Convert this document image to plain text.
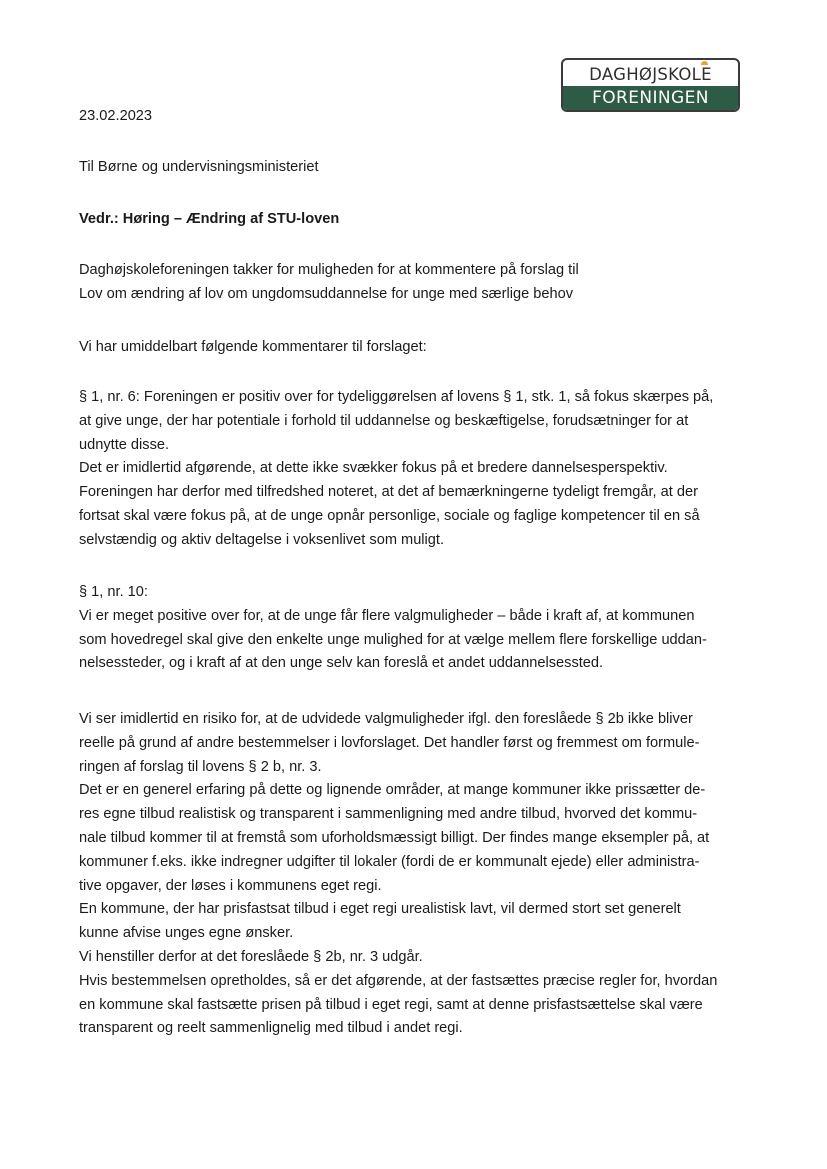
DAGHØJSKOLE
FORENINGEN

23.02.2023

Til Børne og undervisningsministeriet

Vedr.: Høring – Ændring af STU-loven

Daghøjskoleforeningen takker for muligheden for at kommentere på forslag til
Lov om ændring af lov om ungdomsuddannelse for unge med særlige behov

Vi har umiddelbart følgende kommentarer til forslaget:

§ 1, nr. 6: Foreningen er positiv over for tydeliggørelsen af lovens § 1, stk. 1, så fokus skærpes på,
at give unge, der har potentiale i forhold til uddannelse og beskæftigelse, forudsætninger for at
udnytte disse.
Det er imidlertid afgørende, at dette ikke svækker fokus på et bredere dannelsesperspektiv.
Foreningen har derfor med tilfredshed noteret, at det af bemærkningerne tydeligt fremgår, at der
fortsat skal være fokus på, at de unge opnår personlige, sociale og faglige kompetencer til en så
selvstændig og aktiv deltagelse i voksenlivet som muligt.
§ 1, nr. 10:
Vi er meget positive over for, at de unge får flere valgmuligheder – både i kraft af, at kommunen
som hovedregel skal give den enkelte unge mulighed for at vælge mellem flere forskellige uddan-
nelsessteder, og i kraft af at den unge selv kan foreslå et andet uddannelsessted.
Vi ser imidlertid en risiko for, at de udvidede valgmuligheder ifgl. den foreslåede § 2b ikke bliver
reelle på grund af andre bestemmelser i lovforslaget. Det handler først og fremmest om formule-
ringen af forslag til lovens § 2 b, nr. 3.
Det er en generel erfaring på dette og lignende områder, at mange kommuner ikke prissætter de-
res egne tilbud realistisk og transparent i sammenligning med andre tilbud, hvorved det kommu-
nale tilbud kommer til at fremstå som uforholdsmæssigt billigt. Der findes mange eksempler på, at
kommuner f.eks. ikke indregner udgifter til lokaler (fordi de er kommunalt ejede) eller administra-
tive opgaver, der løses i kommunens eget regi.
En kommune, der har prisfastsat tilbud i eget regi urealistisk lavt, vil dermed stort set generelt
kunne afvise unges egne ønsker.
Vi henstiller derfor at det foreslåede § 2b, nr. 3 udgår.
Hvis bestemmelsen opretholdes, så er det afgørende, at der fastsættes præcise regler for, hvordan
en kommune skal fastsætte prisen på tilbud i eget regi, samt at denne prisfastsættelse skal være
transparent og reelt sammenlignelig med tilbud i andet regi.
